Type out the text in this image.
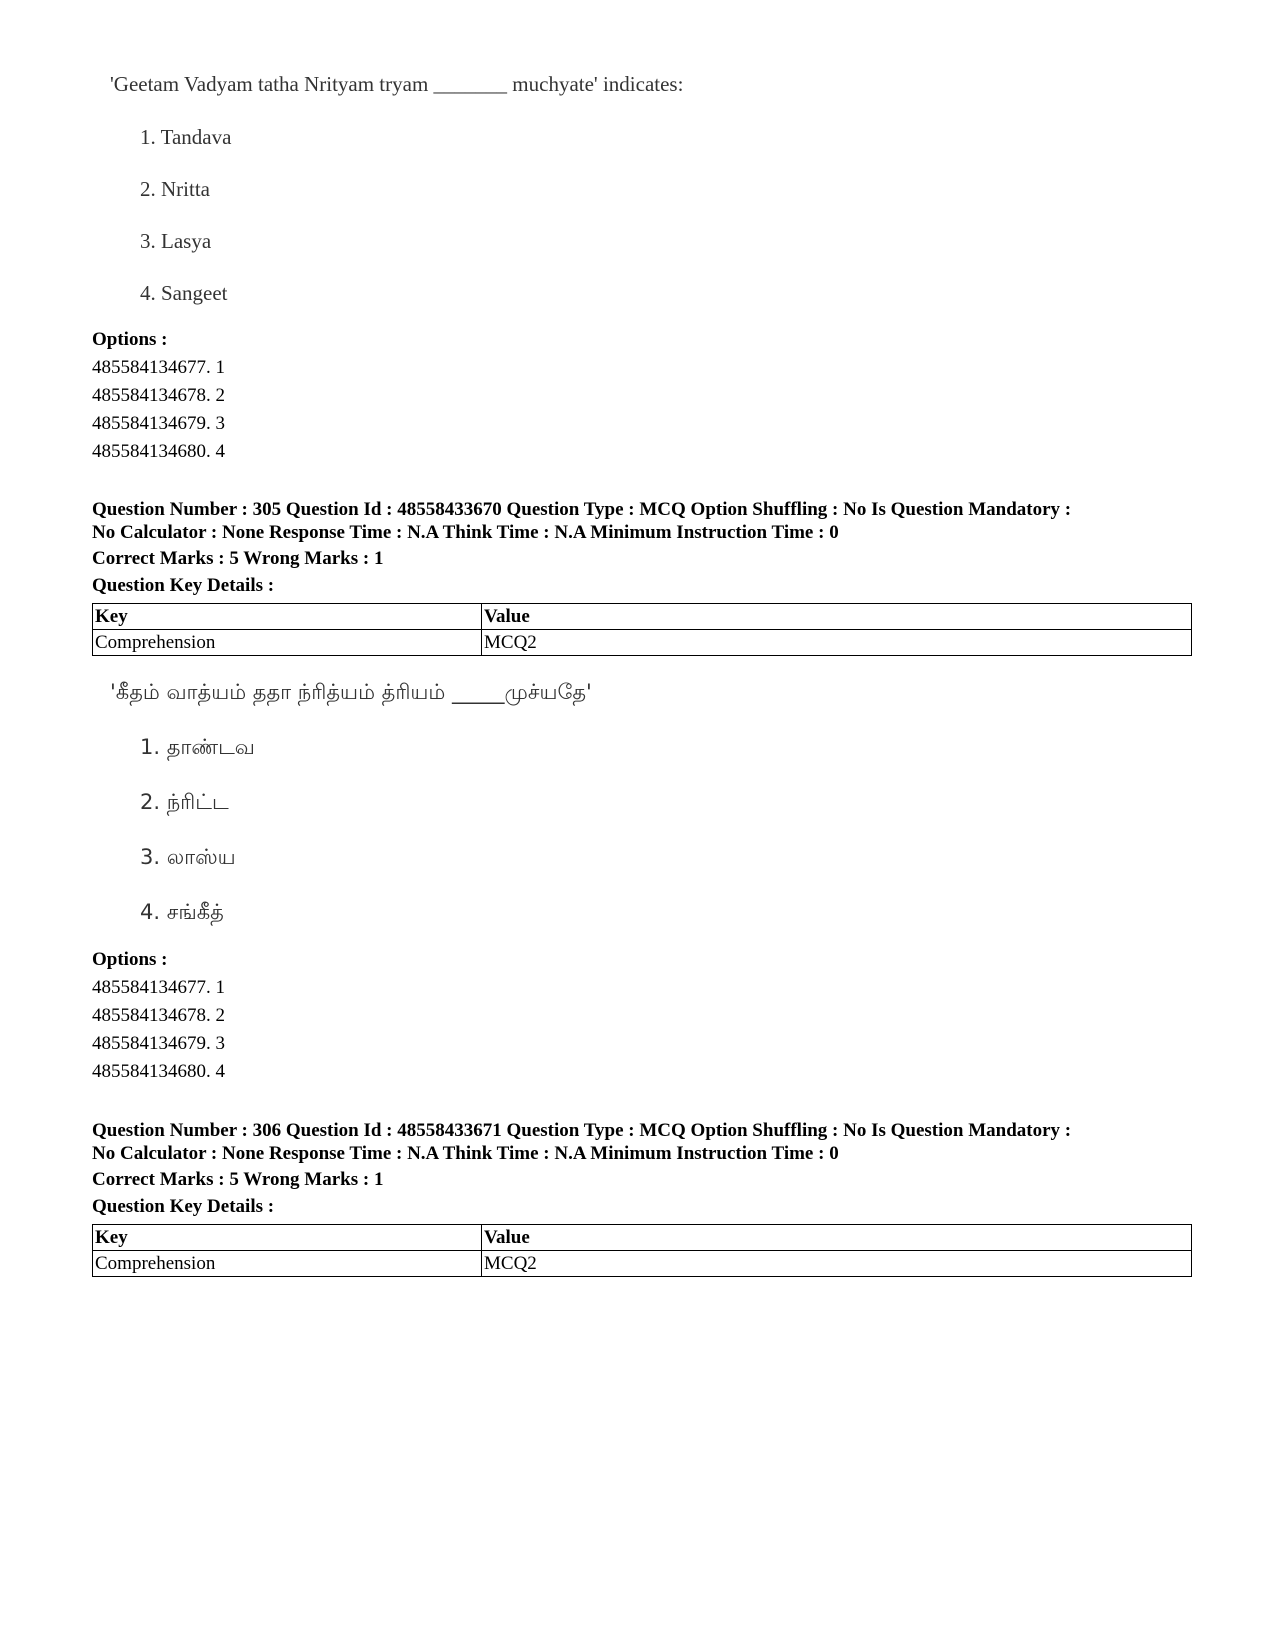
'Geetam Vadyam tatha Nrityam tryam _______ muchyate' indicates:
1. Tandava
2. Nritta
3. Lasya
4. Sangeet
Options :
485584134677. 1
485584134678. 2
485584134679. 3
485584134680. 4
Question Number : 305 Question Id : 48558433670 Question Type : MCQ Option Shuffling : No Is Question Mandatory :
No Calculator : None Response Time : N.A Think Time : N.A Minimum Instruction Time : 0
Correct Marks : 5 Wrong Marks : 1
Question Key Details :
Key	Value
Comprehension	MCQ2
'கீதம் வாத்யம் ததா ந்ரித்யம் த்ரியம் _____முச்யதே'
1. தாண்டவ
2. ந்ரிட்ட
3. லாஸ்ய
4. சங்கீத்
Options :
485584134677. 1
485584134678. 2
485584134679. 3
485584134680. 4
Question Number : 306 Question Id : 48558433671 Question Type : MCQ Option Shuffling : No Is Question Mandatory :
No Calculator : None Response Time : N.A Think Time : N.A Minimum Instruction Time : 0
Correct Marks : 5 Wrong Marks : 1
Question Key Details :
Key	Value
Comprehension	MCQ2
